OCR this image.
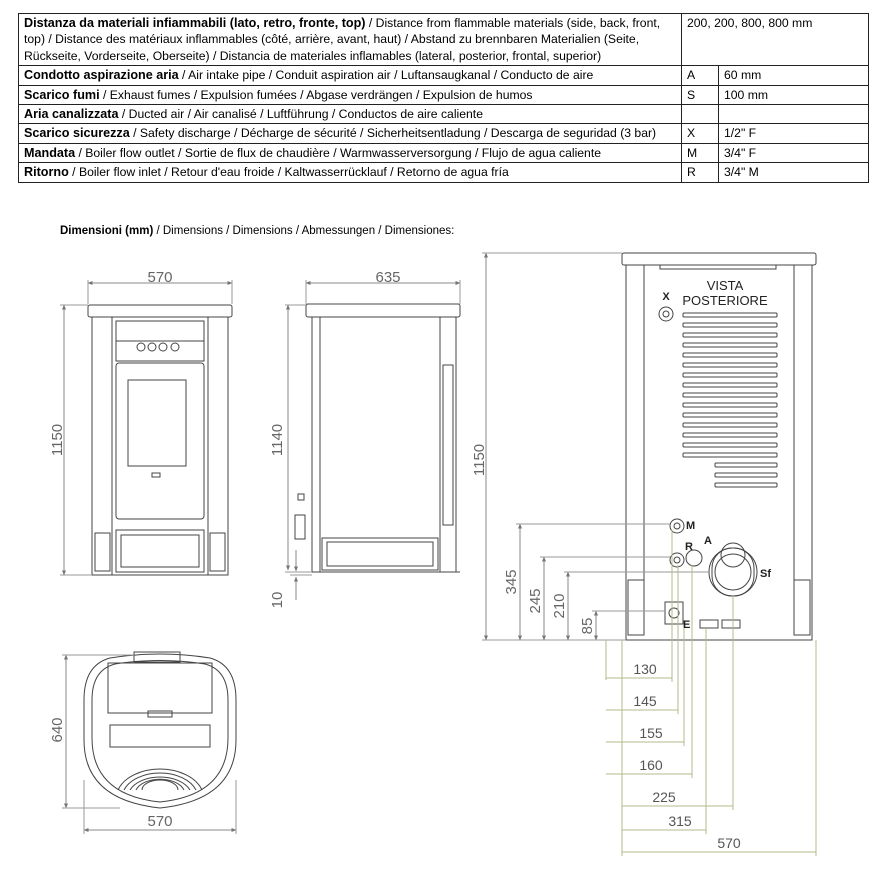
Distanza da materiali infiammabili (lato, retro, fronte, top) / Distance from flammable materials (side, back, front, top) / Distance des matériaux inflammables (côté, arrière, avant, haut) / Abstand zu brennbaren Materialien (Seite, Rückseite, Vorderseite, Oberseite) / Distancia de materiales inflamables (lateral, posterior, frontal, superior)	200, 200, 800, 800 mm	
Condotto aspirazione aria / Air intake pipe / Conduit aspiration air / Luftansaugkanal / Conducto de aire	A	60 mm
Scarico fumi / Exhaust fumes / Expulsion fumées / Abgase verdrängen / Expulsion de humos	S	100 mm
Aria canalizzata / Ducted air / Air canalisé / Luftführung / Conductos de aire caliente		
Scarico sicurezza / Safety discharge / Décharge de sécurité / Sicherheitsentladung / Descarga de seguridad (3 bar)	X	1/2" F
Mandata / Boiler flow outlet / Sortie de flux de chaudière / Warmwasserversorgung / Flujo de agua caliente	M	3/4" F
Ritorno / Boiler flow inlet / Retour d'eau froide / Kaltwasserrücklauf / Retorno de agua fría	R	3/4" M
Dimensioni (mm) / Dimensions / Dimensions / Abmessungen / Dimensiones:
570
1150
635
1140
10
640
570
VISTA
POSTERIORE
X
M
R A
Sf
E
1150
345
245 210
85
130
145
155
160
225
315
570
